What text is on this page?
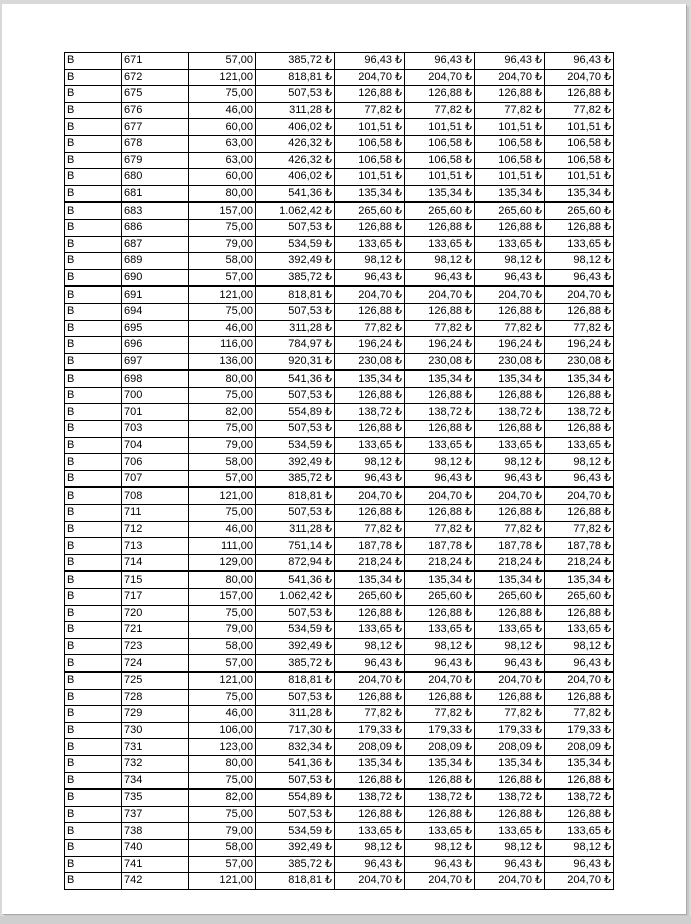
B	671	57,00	385,72 ₺	96,43 ₺	96,43 ₺	96,43 ₺	96,43 ₺
B	672	121,00	818,81 ₺	204,70 ₺	204,70 ₺	204,70 ₺	204,70 ₺
B	675	75,00	507,53 ₺	126,88 ₺	126,88 ₺	126,88 ₺	126,88 ₺
B	676	46,00	311,28 ₺	77,82 ₺	77,82 ₺	77,82 ₺	77,82 ₺
B	677	60,00	406,02 ₺	101,51 ₺	101,51 ₺	101,51 ₺	101,51 ₺
B	678	63,00	426,32 ₺	106,58 ₺	106,58 ₺	106,58 ₺	106,58 ₺
B	679	63,00	426,32 ₺	106,58 ₺	106,58 ₺	106,58 ₺	106,58 ₺
B	680	60,00	406,02 ₺	101,51 ₺	101,51 ₺	101,51 ₺	101,51 ₺
B	681	80,00	541,36 ₺	135,34 ₺	135,34 ₺	135,34 ₺	135,34 ₺
B	683	157,00	1.062,42 ₺	265,60 ₺	265,60 ₺	265,60 ₺	265,60 ₺
B	686	75,00	507,53 ₺	126,88 ₺	126,88 ₺	126,88 ₺	126,88 ₺
B	687	79,00	534,59 ₺	133,65 ₺	133,65 ₺	133,65 ₺	133,65 ₺
B	689	58,00	392,49 ₺	98,12 ₺	98,12 ₺	98,12 ₺	98,12 ₺
B	690	57,00	385,72 ₺	96,43 ₺	96,43 ₺	96,43 ₺	96,43 ₺
B	691	121,00	818,81 ₺	204,70 ₺	204,70 ₺	204,70 ₺	204,70 ₺
B	694	75,00	507,53 ₺	126,88 ₺	126,88 ₺	126,88 ₺	126,88 ₺
B	695	46,00	311,28 ₺	77,82 ₺	77,82 ₺	77,82 ₺	77,82 ₺
B	696	116,00	784,97 ₺	196,24 ₺	196,24 ₺	196,24 ₺	196,24 ₺
B	697	136,00	920,31 ₺	230,08 ₺	230,08 ₺	230,08 ₺	230,08 ₺
B	698	80,00	541,36 ₺	135,34 ₺	135,34 ₺	135,34 ₺	135,34 ₺
B	700	75,00	507,53 ₺	126,88 ₺	126,88 ₺	126,88 ₺	126,88 ₺
B	701	82,00	554,89 ₺	138,72 ₺	138,72 ₺	138,72 ₺	138,72 ₺
B	703	75,00	507,53 ₺	126,88 ₺	126,88 ₺	126,88 ₺	126,88 ₺
B	704	79,00	534,59 ₺	133,65 ₺	133,65 ₺	133,65 ₺	133,65 ₺
B	706	58,00	392,49 ₺	98,12 ₺	98,12 ₺	98,12 ₺	98,12 ₺
B	707	57,00	385,72 ₺	96,43 ₺	96,43 ₺	96,43 ₺	96,43 ₺
B	708	121,00	818,81 ₺	204,70 ₺	204,70 ₺	204,70 ₺	204,70 ₺
B	711	75,00	507,53 ₺	126,88 ₺	126,88 ₺	126,88 ₺	126,88 ₺
B	712	46,00	311,28 ₺	77,82 ₺	77,82 ₺	77,82 ₺	77,82 ₺
B	713	111,00	751,14 ₺	187,78 ₺	187,78 ₺	187,78 ₺	187,78 ₺
B	714	129,00	872,94 ₺	218,24 ₺	218,24 ₺	218,24 ₺	218,24 ₺
B	715	80,00	541,36 ₺	135,34 ₺	135,34 ₺	135,34 ₺	135,34 ₺
B	717	157,00	1.062,42 ₺	265,60 ₺	265,60 ₺	265,60 ₺	265,60 ₺
B	720	75,00	507,53 ₺	126,88 ₺	126,88 ₺	126,88 ₺	126,88 ₺
B	721	79,00	534,59 ₺	133,65 ₺	133,65 ₺	133,65 ₺	133,65 ₺
B	723	58,00	392,49 ₺	98,12 ₺	98,12 ₺	98,12 ₺	98,12 ₺
B	724	57,00	385,72 ₺	96,43 ₺	96,43 ₺	96,43 ₺	96,43 ₺
B	725	121,00	818,81 ₺	204,70 ₺	204,70 ₺	204,70 ₺	204,70 ₺
B	728	75,00	507,53 ₺	126,88 ₺	126,88 ₺	126,88 ₺	126,88 ₺
B	729	46,00	311,28 ₺	77,82 ₺	77,82 ₺	77,82 ₺	77,82 ₺
B	730	106,00	717,30 ₺	179,33 ₺	179,33 ₺	179,33 ₺	179,33 ₺
B	731	123,00	832,34 ₺	208,09 ₺	208,09 ₺	208,09 ₺	208,09 ₺
B	732	80,00	541,36 ₺	135,34 ₺	135,34 ₺	135,34 ₺	135,34 ₺
B	734	75,00	507,53 ₺	126,88 ₺	126,88 ₺	126,88 ₺	126,88 ₺
B	735	82,00	554,89 ₺	138,72 ₺	138,72 ₺	138,72 ₺	138,72 ₺
B	737	75,00	507,53 ₺	126,88 ₺	126,88 ₺	126,88 ₺	126,88 ₺
B	738	79,00	534,59 ₺	133,65 ₺	133,65 ₺	133,65 ₺	133,65 ₺
B	740	58,00	392,49 ₺	98,12 ₺	98,12 ₺	98,12 ₺	98,12 ₺
B	741	57,00	385,72 ₺	96,43 ₺	96,43 ₺	96,43 ₺	96,43 ₺
B	742	121,00	818,81 ₺	204,70 ₺	204,70 ₺	204,70 ₺	204,70 ₺
